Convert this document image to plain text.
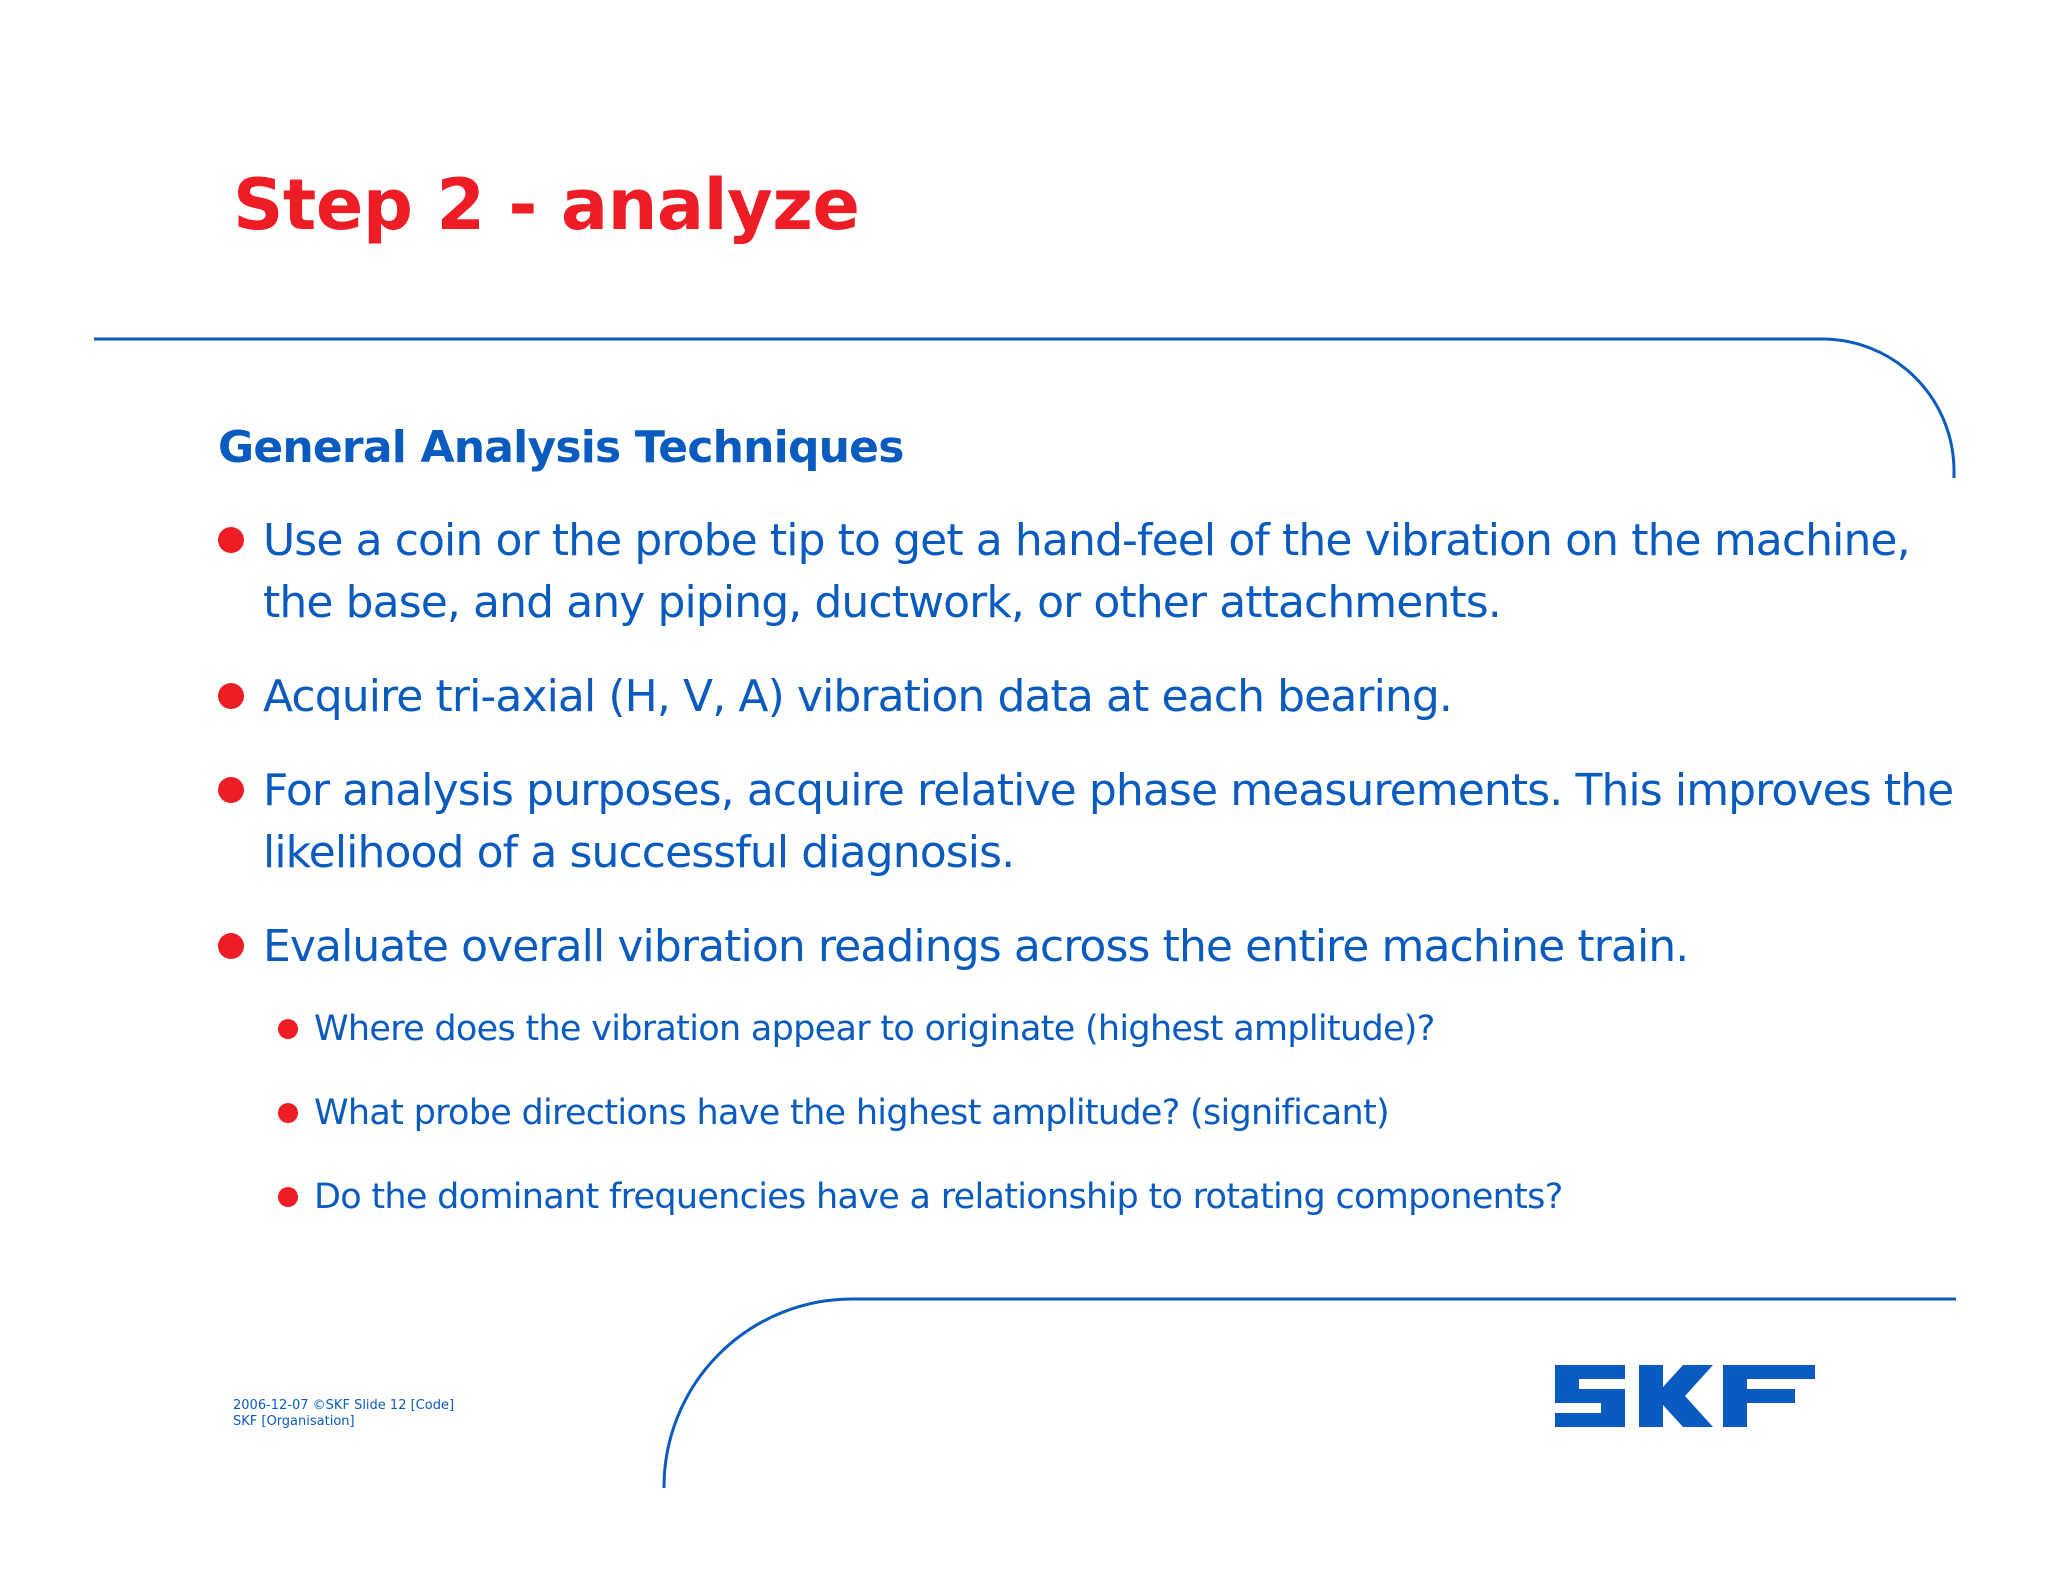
Step 2 - analyze
General Analysis Techniques
Use a coin or the probe tip to get a hand-feel of the vibration on the machine, the base, and any piping, ductwork, or other attachments.
Acquire tri-axial (H, V, A) vibration data at each bearing.
For analysis purposes, acquire relative phase measurements. This improves the likelihood of a successful diagnosis.
Evaluate overall vibration readings across the entire machine train.
Where does the vibration appear to originate (highest amplitude)?
What probe directions have the highest amplitude? (significant)
Do the dominant frequencies have a relationship to rotating components?
2006-12-07 ©SKF Slide 12 [Code]
SKF [Organisation]
